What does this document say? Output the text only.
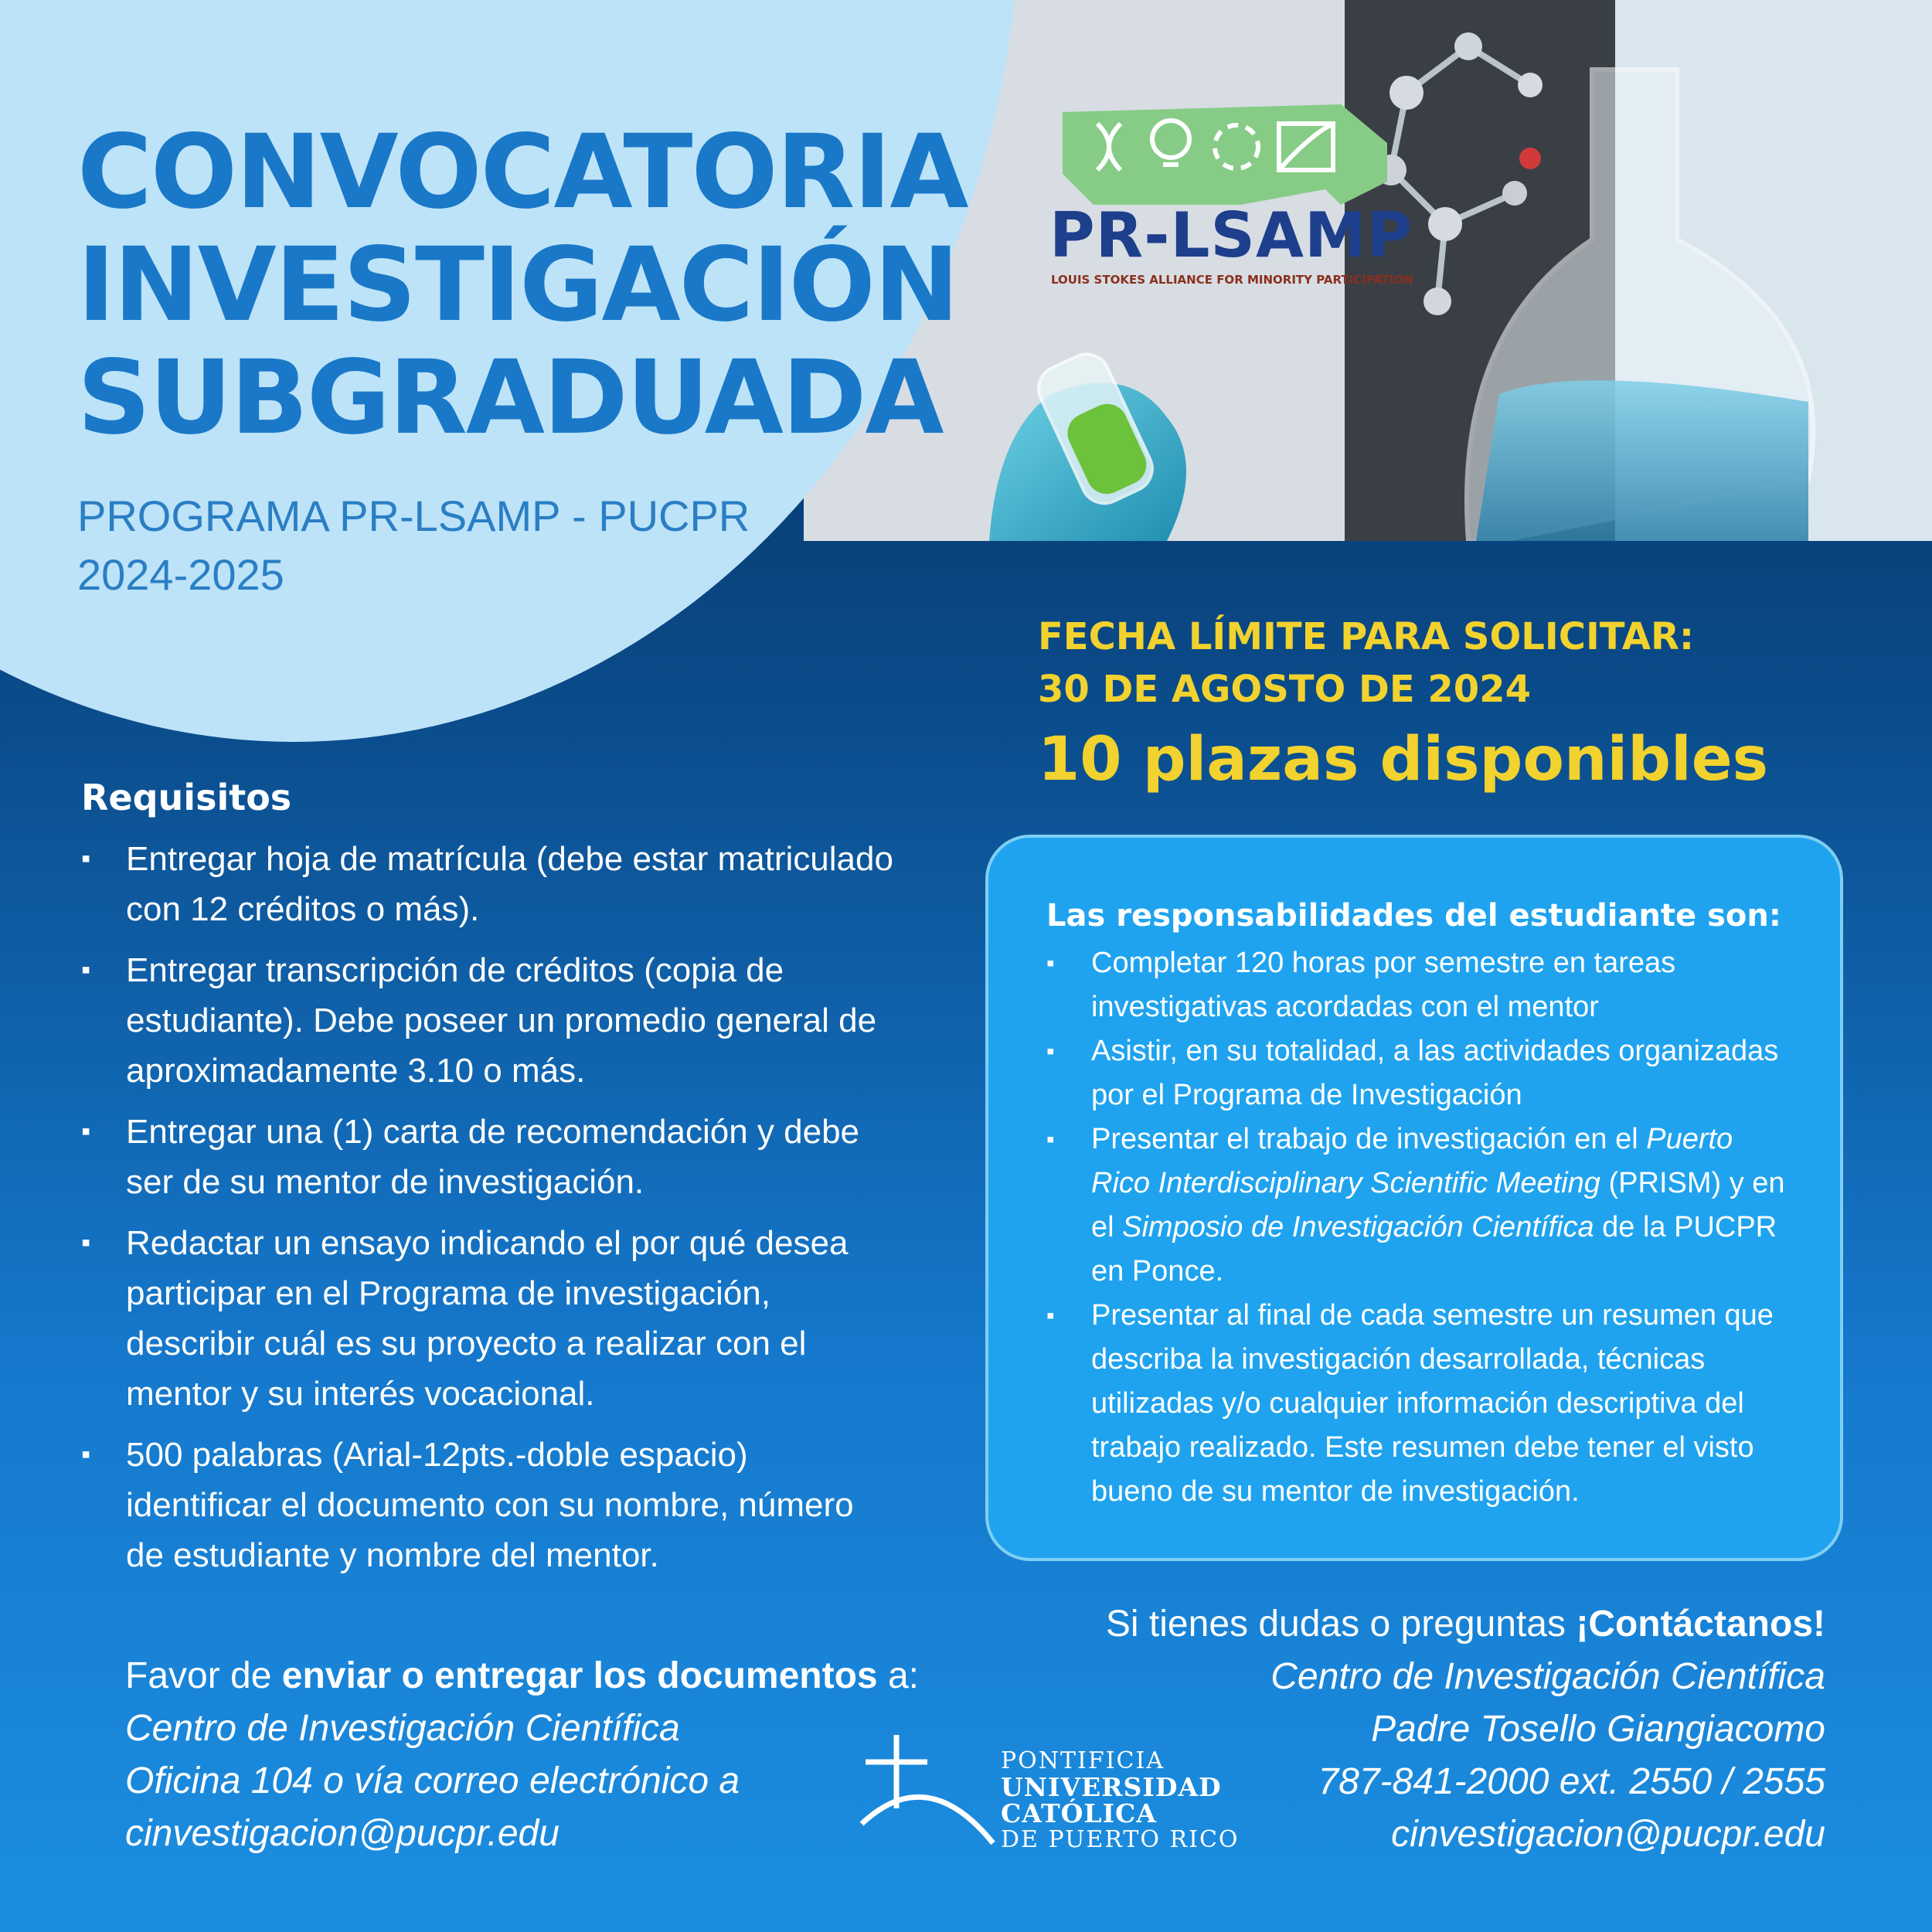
CONVOCATORIA
INVESTIGACIÓN
SUBGRADUADA
PROGRAMA PR-LSAMP - PUCPR
2024-2025
PR-LSAMP
LOUIS STOKES ALLIANCE FOR MINORITY PARTICIPATION
FECHA LÍMITE PARA SOLICITAR:
30 DE AGOSTO DE 2024
10 plazas disponibles
Requisitos
▪ Entregar hoja de matrícula (debe estar matriculado con 12 créditos o más).
▪ Entregar transcripción de créditos (copia de estudiante). Debe poseer un promedio general de aproximadamente 3.10 o más.
▪ Entregar una (1) carta de recomendación y debe ser de su mentor de investigación.
▪ Redactar un ensayo indicando el por qué desea participar en el Programa de investigación, describir cuál es su proyecto a realizar con el mentor y su interés vocacional.
▪ 500 palabras (Arial-12pts.-doble espacio) identificar el documento con su nombre, número de estudiante y nombre del mentor.
Las responsabilidades del estudiante son:
▪ Completar 120 horas por semestre en tareas investigativas acordadas con el mentor
▪ Asistir, en su totalidad, a las actividades organizadas por el Programa de Investigación
▪ Presentar el trabajo de investigación en el Puerto Rico Interdisciplinary Scientific Meeting (PRISM) y en el Simposio de Investigación Científica de la PUCPR en Ponce.
▪ Presentar al final de cada semestre un resumen que describa la investigación desarrollada, técnicas utilizadas y/o cualquier información descriptiva del trabajo realizado. Este resumen debe tener el visto bueno de su mentor de investigación.
Favor de enviar o entregar los documentos a:
Centro de Investigación Científica
Oficina 104 o vía correo electrónico a
cinvestigacion@pucpr.edu
PONTIFICIA
UNIVERSIDAD
CATÓLICA
DE PUERTO RICO
Si tienes dudas o preguntas ¡Contáctanos!
Centro de Investigación Científica
Padre Tosello Giangiacomo
787-841-2000 ext. 2550 / 2555
cinvestigacion@pucpr.edu
